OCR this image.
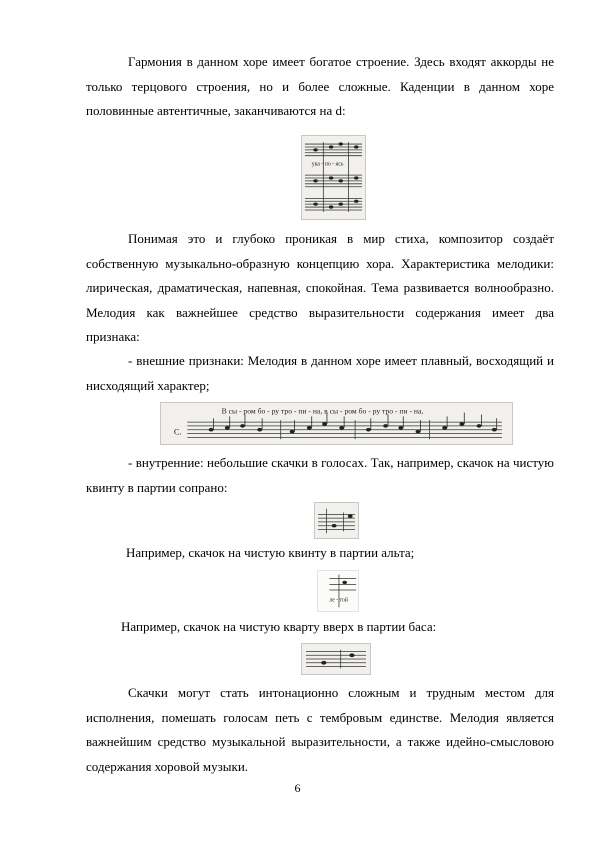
Гармония в данном хоре имеет богатое строение. Здесь входят аккорды не только терцового строения, но и более сложные. Каденции в данном хоре половинные автентичные, заканчиваются на d:

ука - по - ясь

Понимая это и глубоко проникая в мир стиха, композитор создаёт собственную музыкально-образную концепцию хора. Характеристика мелодики: лирическая, драматическая, напевная, спокойная. Тема развивается волнообразно. Мелодия как важнейшее средство выразительности содержания имеет два признака:

- внешние признаки: Мелодия в данном хоре имеет плавный, восходящий и нисходящий характер;

В сы - ром бо - ру тро - пи - на, в сы - ром бо - ру тро - пи - на,
С.

- внутренние: небольшие скачки в голосах. Так, например, скачок на чистую квинту в партии сопрано:

Например, скачок на чистую квинту в партии альта;
ле - той
Например, скачок на чистую кварту вверх в партии баса:

Скачки могут стать интонационно сложным и трудным местом для исполнения, помешать голосам петь с тембровым единстве. Мелодия является важнейшим средство музыкальной выразительности, а также идейно-смысловою содержания хоровой музыки.

6
